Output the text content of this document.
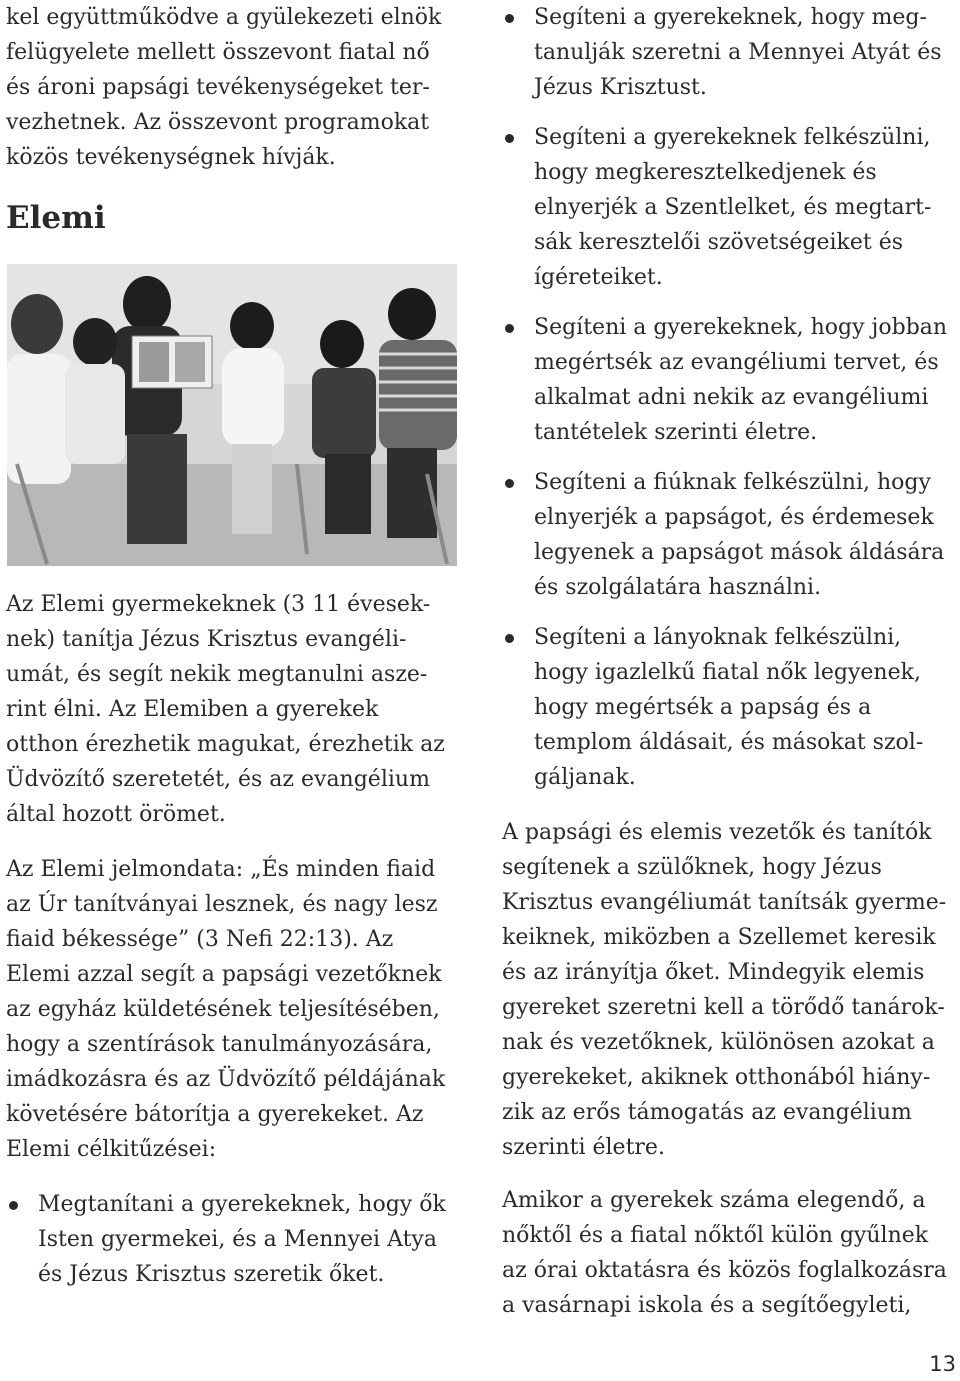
kel együttműködve a gyülekezeti elnök

felügyelete mellett összevont fiatal nő

és ároni papsági tevékenységeket ter-

vezhetnek. Az összevont programokat

közös tevékenységnek hívják.

Elemi

Az Elemi gyermekeknek (3 11 évesek-

nek) tanítja Jézus Krisztus evangéli-

umát, és segít nekik megtanulni asze-

rint élni. Az Elemiben a gyerekek

otthon érezhetik magukat, érezhetik az

Üdvözítő szeretetét, és az evangélium

által hozott örömet.

Az Elemi jelmondata: „És minden fiaid

az Úr tanítványai lesznek, és nagy lesz

fiaid békessége” (3 Nefi 22:13). Az

Elemi azzal segít a papsági vezetőknek

az egyház küldetésének teljesítésében,

hogy a szentírások tanulmányozására,

imádkozásra és az Üdvözítő példájának

követésére bátorítja a gyerekeket. Az

Elemi célkitűzései:

Megtanítani a gyerekeknek, hogy ők
Isten gyermekei, és a Mennyei Atya
és Jézus Krisztus szeretik őket.
Segíteni a gyerekeknek, hogy meg-
tanulják szeretni a Mennyei Atyát és
Jézus Krisztust.
Segíteni a gyerekeknek felkészülni,
hogy megkeresztelkedjenek és
elnyerjék a Szentlelket, és megtart-
sák keresztelői szövetségeiket és
ígéreteiket.
Segíteni a gyerekeknek, hogy jobban
megértsék az evangéliumi tervet, és
alkalmat adni nekik az evangéliumi
tantételek szerinti életre.
Segíteni a fiúknak felkészülni, hogy
elnyerjék a papságot, és érdemesek
legyenek a papságot mások áldására
és szolgálatára használni.
Segíteni a lányoknak felkészülni,
hogy igazlelkű fiatal nők legyenek,
hogy megértsék a papság és a
templom áldásait, és másokat szol-
gáljanak.

A papsági és elemis vezetők és tanítók

segítenek a szülőknek, hogy Jézus

Krisztus evangéliumát tanítsák gyerme-

keiknek, miközben a Szellemet keresik

és az irányítja őket. Mindegyik elemis

gyereket szeretni kell a törődő tanárok-

nak és vezetőknek, különösen azokat a

gyerekeket, akiknek otthonából hiány-

zik az erős támogatás az evangélium

szerinti életre.

Amikor a gyerekek száma elegendő, a

nőktől és a fiatal nőktől külön gyűlnek

az órai oktatásra és közös foglalkozásra

a vasárnapi iskola és a segítőegyleti,

13
